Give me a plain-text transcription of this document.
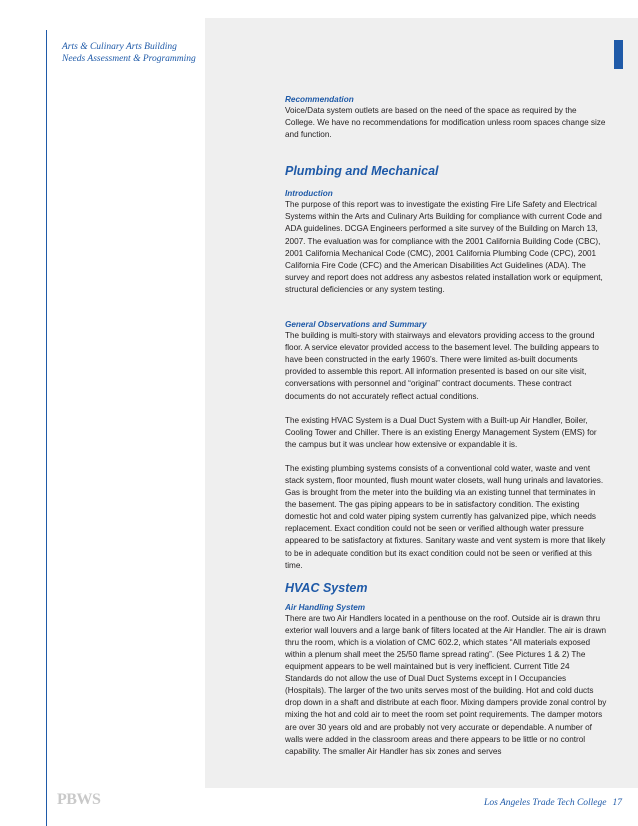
Arts & Culinary Arts Building
Needs Assessment & Programming
Recommendation

Voice/Data system outlets are based on the need of the space as required by the College. We have no recommendations for modification unless room spaces change size and function.

Plumbing and Mechanical
Introduction

The purpose of this report was to investigate the existing Fire Life Safety and Electrical Systems within the Arts and Culinary Arts Building for compliance with current Code and ADA guidelines. DCGA Engineers performed a site survey of the Building on March 13, 2007. The evaluation was for compliance with the 2001 California Building Code (CBC), 2001 California Mechanical Code (CMC), 2001 California Plumbing Code (CPC), 2001 California Fire Code (CFC) and the American Disabilities Act Guidelines (ADA). The survey and report does not address any asbestos related installation work or equipment, structural deficiencies or any system testing.

General Observations and Summary

The building is multi-story with stairways and elevators providing access to the ground floor. A service elevator provided access to the basement level. The building appears to have been constructed in the early 1960’s. There were limited as-built documents provided to assemble this report. All information presented is based on our site visit, conversations with personnel and “original” contract documents. These contract documents do not accurately reflect actual conditions.

The existing HVAC System is a Dual Duct System with a Built-up Air Handler, Boiler, Cooling Tower and Chiller. There is an existing Energy Management System (EMS) for the campus but it was unclear how extensive or expandable it is.

The existing plumbing systems consists of a conventional cold water, waste and vent stack system, floor mounted, flush mount water closets, wall hung urinals and lavatories. Gas is brought from the meter into the building via an existing tunnel that terminates in the basement. The gas piping appears to be in satisfactory condition. The existing domestic hot and cold water piping system currently has galvanized pipe, which needs replacement. Exact condition could not be seen or verified although water pressure appeared to be satisfactory at fixtures. Sanitary waste and vent system is more that likely to be in adequate condition but its exact condition could not be seen or verified at this time.

HVAC System
Air Handling System

There are two Air Handlers located in a penthouse on the roof. Outside air is drawn thru exterior wall louvers and a large bank of filters located at the Air Handler. The air is drawn thru the room, which is a violation of CMC 602.2, which states “All materials exposed within a plenum shall meet the 25/50 flame spread rating”. (See Pictures 1 & 2) The equipment appears to be well maintained but is very inefficient. Current Title 24 Standards do not allow the use of Dual Duct Systems except in I Occupancies (Hospitals). The larger of the two units serves most of the building. Hot and cold ducts drop down in a shaft and distribute at each floor. Mixing dampers provide zonal control by mixing the hot and cold air to meet the room set point requirements. The damper motors are over 30 years old and are probably not very accurate or dependable. A number of walls were added in the classroom areas and there appears to be little or no control capability. The smaller Air Handler has six zones and serves

PBWS	Los Angeles Trade Tech College 17
